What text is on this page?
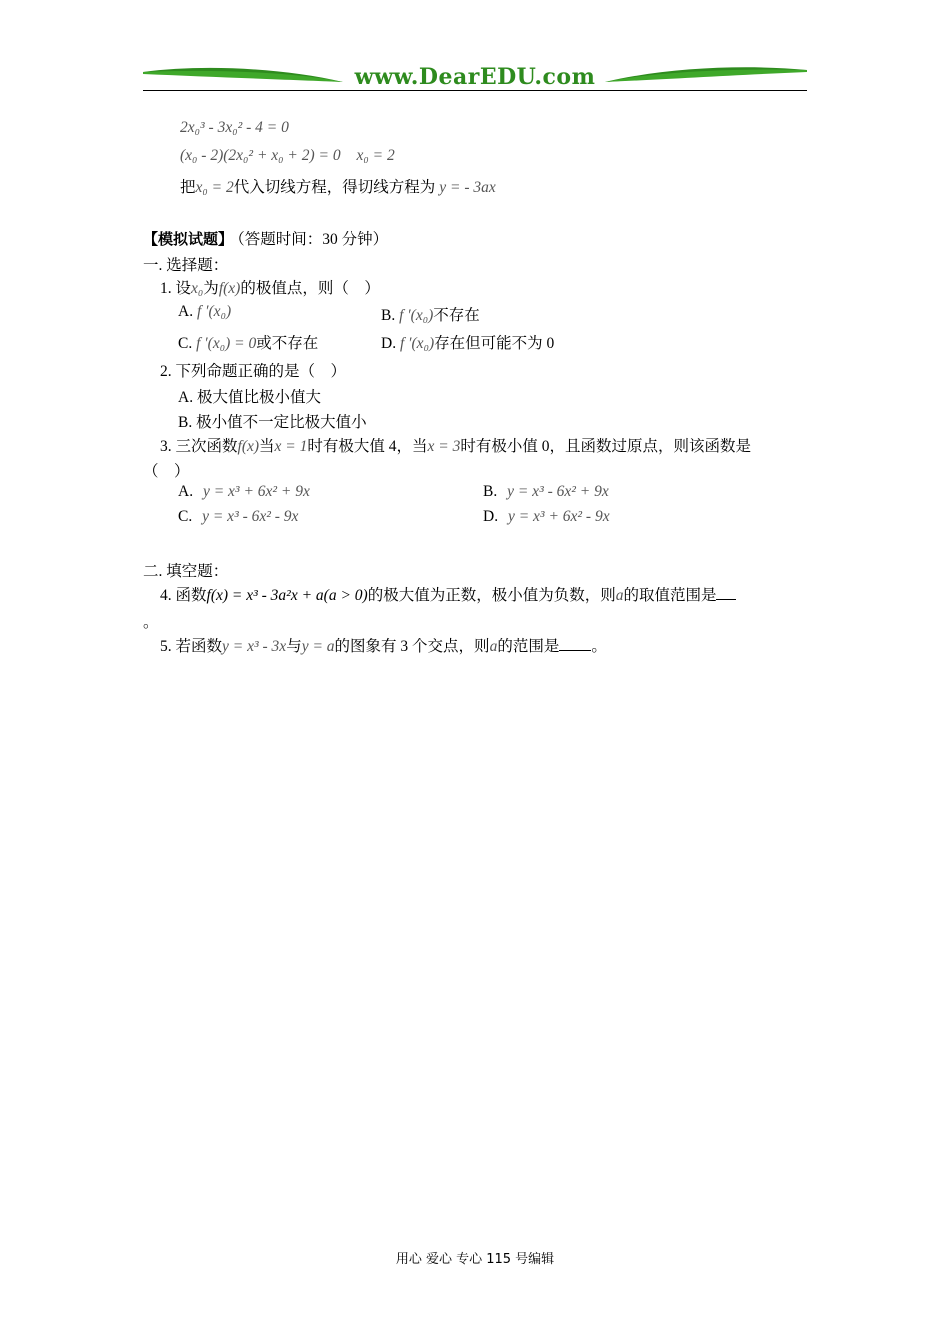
www.DearEDU.com
2x₀³ - 3x₀² - 4 = 0
(x₀ - 2)(2x₀² + x₀ + 2) = 0 x₀ = 2
把x₀ = 2代入切线方程，得切线方程为 y = - 3ax
【模拟试题】 （答题时间：30 分钟）
一. 选择题：
1. 设x₀为f(x)的极值点，则（　）
A. f ′(x₀)	B. f ′(x₀)不存在
C. f ′(x₀) = 0或不存在	D. f ′(x₀)存在但可能不为 0
2. 下列命题正确的是（　）
A. 极大值比极小值大
B. 极小值不一定比极大值小
3. 三次函数f(x)当x = 1时有极大值 4，当x = 3时有极小值 0，且函数过原点，则该函数是
（　）
A. y = x³ + 6x² + 9x	B. y = x³ - 6x² + 9x
C. y = x³ - 6x² - 9x	D. y = x³ + 6x² - 9x
二. 填空题：
4. 函数f(x) = x³ - 3a²x + a(a > 0)的极大值为正数，极小值为负数，则a的取值范围是
。
5. 若函数y = x³ - 3x与y = a的图象有 3 个交点，则a的范围是 。
用心 爱心 专心 115 号编辑
